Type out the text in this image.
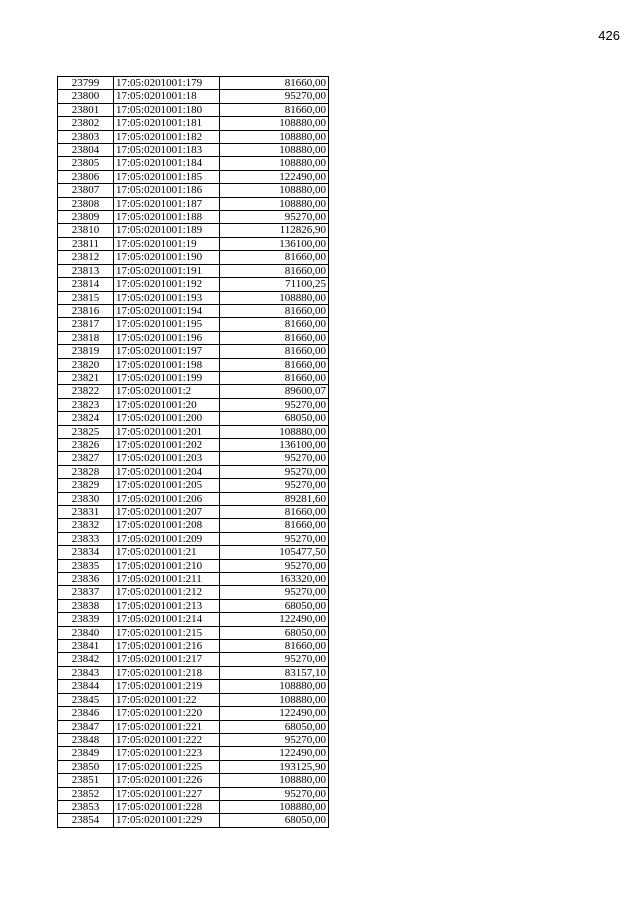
426
23799	17:05:0201001:179	81660,00
23800	17:05:0201001:18	95270,00
23801	17:05:0201001:180	81660,00
23802	17:05:0201001:181	108880,00
23803	17:05:0201001:182	108880,00
23804	17:05:0201001:183	108880,00
23805	17:05:0201001:184	108880,00
23806	17:05:0201001:185	122490,00
23807	17:05:0201001:186	108880,00
23808	17:05:0201001:187	108880,00
23809	17:05:0201001:188	95270,00
23810	17:05:0201001:189	112826,90
23811	17:05:0201001:19	136100,00
23812	17:05:0201001:190	81660,00
23813	17:05:0201001:191	81660,00
23814	17:05:0201001:192	71100,25
23815	17:05:0201001:193	108880,00
23816	17:05:0201001:194	81660,00
23817	17:05:0201001:195	81660,00
23818	17:05:0201001:196	81660,00
23819	17:05:0201001:197	81660,00
23820	17:05:0201001:198	81660,00
23821	17:05:0201001:199	81660,00
23822	17:05:0201001:2	89600,07
23823	17:05:0201001:20	95270,00
23824	17:05:0201001:200	68050,00
23825	17:05:0201001:201	108880,00
23826	17:05:0201001:202	136100,00
23827	17:05:0201001:203	95270,00
23828	17:05:0201001:204	95270,00
23829	17:05:0201001:205	95270,00
23830	17:05:0201001:206	89281,60
23831	17:05:0201001:207	81660,00
23832	17:05:0201001:208	81660,00
23833	17:05:0201001:209	95270,00
23834	17:05:0201001:21	105477,50
23835	17:05:0201001:210	95270,00
23836	17:05:0201001:211	163320,00
23837	17:05:0201001:212	95270,00
23838	17:05:0201001:213	68050,00
23839	17:05:0201001:214	122490,00
23840	17:05:0201001:215	68050,00
23841	17:05:0201001:216	81660,00
23842	17:05:0201001:217	95270,00
23843	17:05:0201001:218	83157,10
23844	17:05:0201001:219	108880,00
23845	17:05:0201001:22	108880,00
23846	17:05:0201001:220	122490,00
23847	17:05:0201001:221	68050,00
23848	17:05:0201001:222	95270,00
23849	17:05:0201001:223	122490,00
23850	17:05:0201001:225	193125,90
23851	17:05:0201001:226	108880,00
23852	17:05:0201001:227	95270,00
23853	17:05:0201001:228	108880,00
23854	17:05:0201001:229	68050,00
